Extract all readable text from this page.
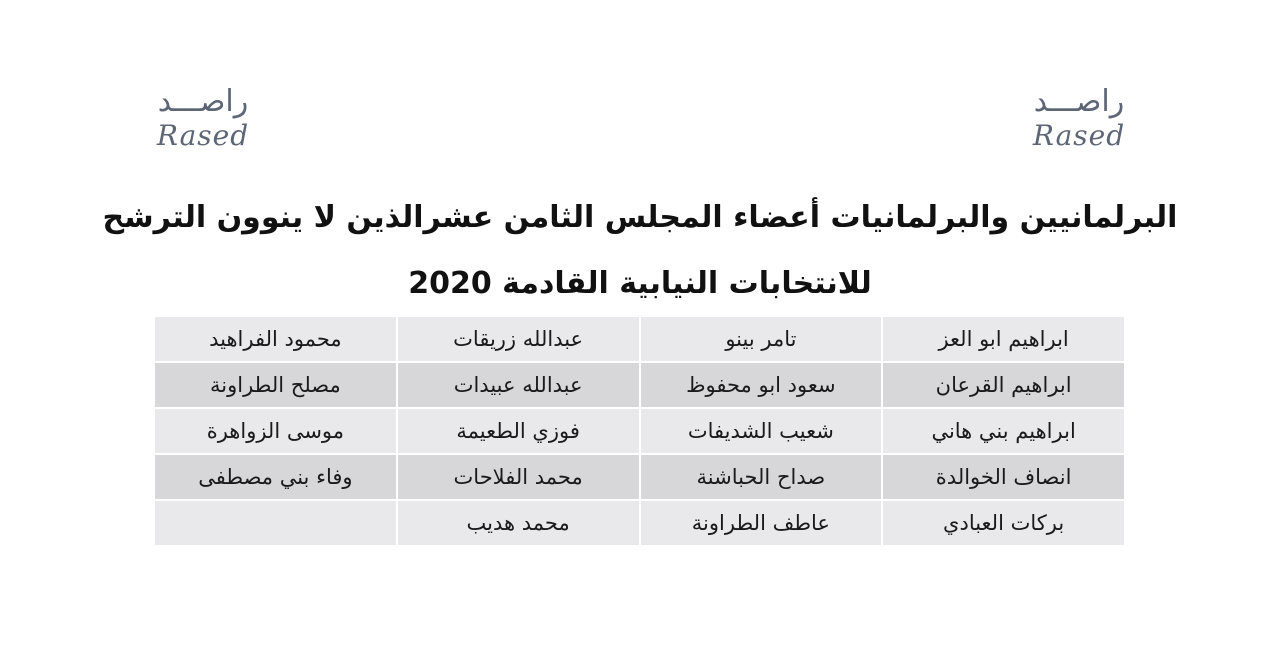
راصـــد
Rased
راصـــد
Rased
البرلمانيين والبرلمانيات أعضاء المجلس الثامن عشرالذين لا ينوون الترشح
للانتخابات النيابية القادمة 2020
ابراهيم ابو العز	تامر بينو	عبدالله زريقات	محمود الفراهيد
ابراهيم القرعان	سعود ابو محفوظ	عبدالله عبيدات	مصلح الطراونة
ابراهيم بني هاني	شعيب الشديفات	فوزي الطعيمة	موسى الزواهرة
انصاف الخوالدة	صداح الحباشنة	محمد الفلاحات	وفاء بني مصطفى
بركات العبادي	عاطف الطراونة	محمد هديب	
